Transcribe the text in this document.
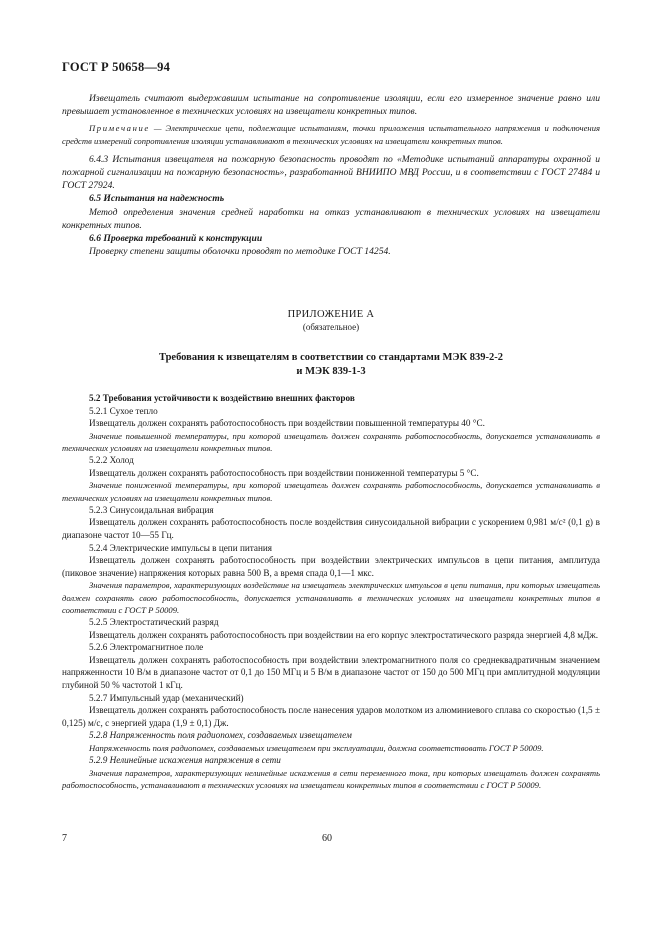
ГОСТ Р 50658—94

Извещатель считают выдержавшим испытание на сопротивление изоляции, если его измеренное значение равно или превышает установленное в технических условиях на извещатели конкретных типов.

Примечание — Электрические цепи, подлежащие испытаниям, точки приложения испытательного напряжения и подключения средств измерений сопротивления изоляции устанавливают в технических условиях на извещатели конкретных типов.

6.4.3 Испытания извещателя на пожарную безопасность проводят по «Методике испытаний аппаратуры охранной и пожарной сигнализации на пожарную безопасность», разработанной ВНИИПО МВД России, и в соответствии с ГОСТ 27484 и ГОСТ 27924.

6.5 Испытания на надежность

Метод определения значения средней наработки на отказ устанавливают в технических условиях на извещатели конкретных типов.

6.6 Проверка требований к конструкции

Проверку степени защиты оболочки проводят по методике ГОСТ 14254.

ПРИЛОЖЕНИЕ А
(обязательное)
Требования к извещателям в соответствии со стандартами МЭК 839-2-2
и МЭК 839-1-3

5.2 Требования устойчивости к воздействию внешних факторов

5.2.1 Сухое тепло

Извещатель должен сохранять работоспособность при воздействии повышенной температуры 40 °С.

Значение повышенной температуры, при которой извещатель должен сохранять работоспособность, допускается устанавливать в технических условиях на извещатели конкретных типов.

5.2.2 Холод

Извещатель должен сохранять работоспособность при воздействии пониженной температуры 5 °С.

Значение пониженной температуры, при которой извещатель должен сохранять работоспособность, допускается устанавливать в технических условиях на извещатели конкретных типов.

5.2.3 Синусоидальная вибрация

Извещатель должен сохранять работоспособность после воздействия синусоидальной вибрации с ускорением 0,981 м/с² (0,1 g) в диапазоне частот 10—55 Гц.

5.2.4 Электрические импульсы в цепи питания

Извещатель должен сохранять работоспособность при воздействии электрических импульсов в цепи питания, амплитуда (пиковое значение) напряжения которых равна 500 В, а время спада 0,1—1 мкс.

Значения параметров, характеризующих воздействие на извещатель электрических импульсов в цепи питания, при которых извещатель должен сохранять свою работоспособность, допускается устанавливать в технических условиях на извещатели конкретных типов в соответствии с ГОСТ Р 50009.

5.2.5 Электростатический разряд

Извещатель должен сохранять работоспособность при воздействии на его корпус электростатического разряда энергией 4,8 мДж.

5.2.6 Электромагнитное поле

Извещатель должен сохранять работоспособность при воздействии электромагнитного поля со среднеквадратичным значением напряженности 10 В/м в диапазоне частот от 0,1 до 150 МГц и 5 В/м в диапазоне частот от 150 до 500 МГц при амплитудной модуляции глубиной 50 % частотой 1 кГц.

5.2.7 Импульсный удар (механический)

Извещатель должен сохранять работоспособность после нанесения ударов молотком из алюминиевого сплава со скоростью (1,5 ± 0,125) м/с, с энергией удара (1,9 ± 0,1) Дж.

5.2.8 Напряженность поля радиопомех, создаваемых извещателем

Напряженность поля радиопомех, создаваемых извещателем при эксплуатации, должна соответствовать ГОСТ Р 50009.

5.2.9 Нелинейные искажения напряжения в сети

Значения параметров, характеризующих нелинейные искажения в сети переменного тока, при которых извещатель должен сохранять работоспособность, устанавливают в технических условиях на извещатели конкретных типов в соответствии с ГОСТ Р 50009.

7	60
